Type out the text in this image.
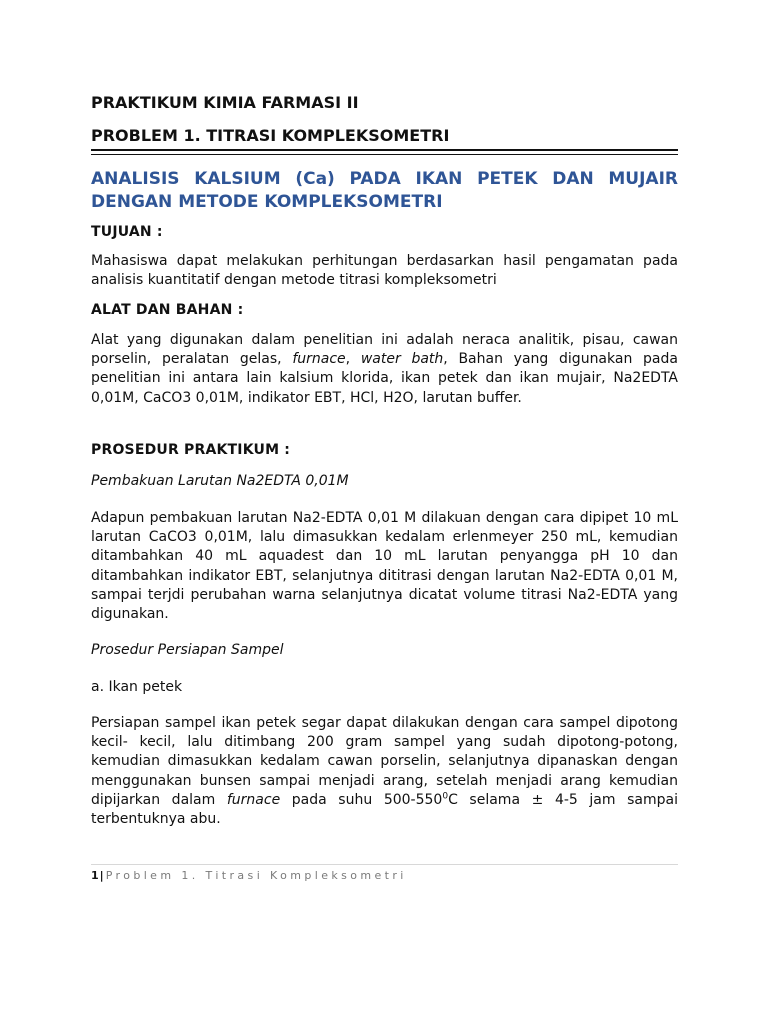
PRAKTIKUM KIMIA FARMASI II

PROBLEM 1. TITRASI KOMPLEKSOMETRI

ANALISIS KALSIUM (Ca) PADA IKAN PETEK DAN MUJAIR DENGAN METODE KOMPLEKSOMETRI

TUJUAN :

Mahasiswa dapat melakukan perhitungan berdasarkan hasil pengamatan pada analisis kuantitatif dengan metode titrasi kompleksometri

ALAT DAN BAHAN :

Alat yang digunakan dalam penelitian ini adalah neraca analitik, pisau, cawan porselin, peralatan gelas, furnace, water bath, Bahan yang digunakan pada penelitian ini antara lain kalsium klorida, ikan petek dan ikan mujair, Na2EDTA 0,01M, CaCO3 0,01M, indikator EBT, HCl, H2O, larutan buffer.

PROSEDUR PRAKTIKUM :

Pembakuan Larutan Na2EDTA 0,01M

Adapun pembakuan larutan Na2-EDTA 0,01 M dilakuan dengan cara dipipet 10 mL larutan CaCO3 0,01M, lalu dimasukkan kedalam erlenmeyer 250 mL, kemudian ditambahkan 40 mL aquadest dan 10 mL larutan penyangga pH 10 dan ditambahkan indikator EBT, selanjutnya dititrasi dengan larutan Na2-EDTA 0,01 M, sampai terjdi perubahan warna selanjutnya dicatat volume titrasi Na2-EDTA yang digunakan.

Prosedur Persiapan Sampel

a. Ikan petek

Persiapan sampel ikan petek segar dapat dilakukan dengan cara sampel dipotong kecil- kecil, lalu ditimbang 200 gram sampel yang sudah dipotong-potong, kemudian dimasukkan kedalam cawan porselin, selanjutnya dipanaskan dengan menggunakan bunsen sampai menjadi arang, setelah menjadi arang kemudian dipijarkan dalam furnace pada suhu $500-550^0C$ selama ± 4-5 jam sampai terbentuknya abu.

1| Problem 1. Titrasi Kompleksometri
